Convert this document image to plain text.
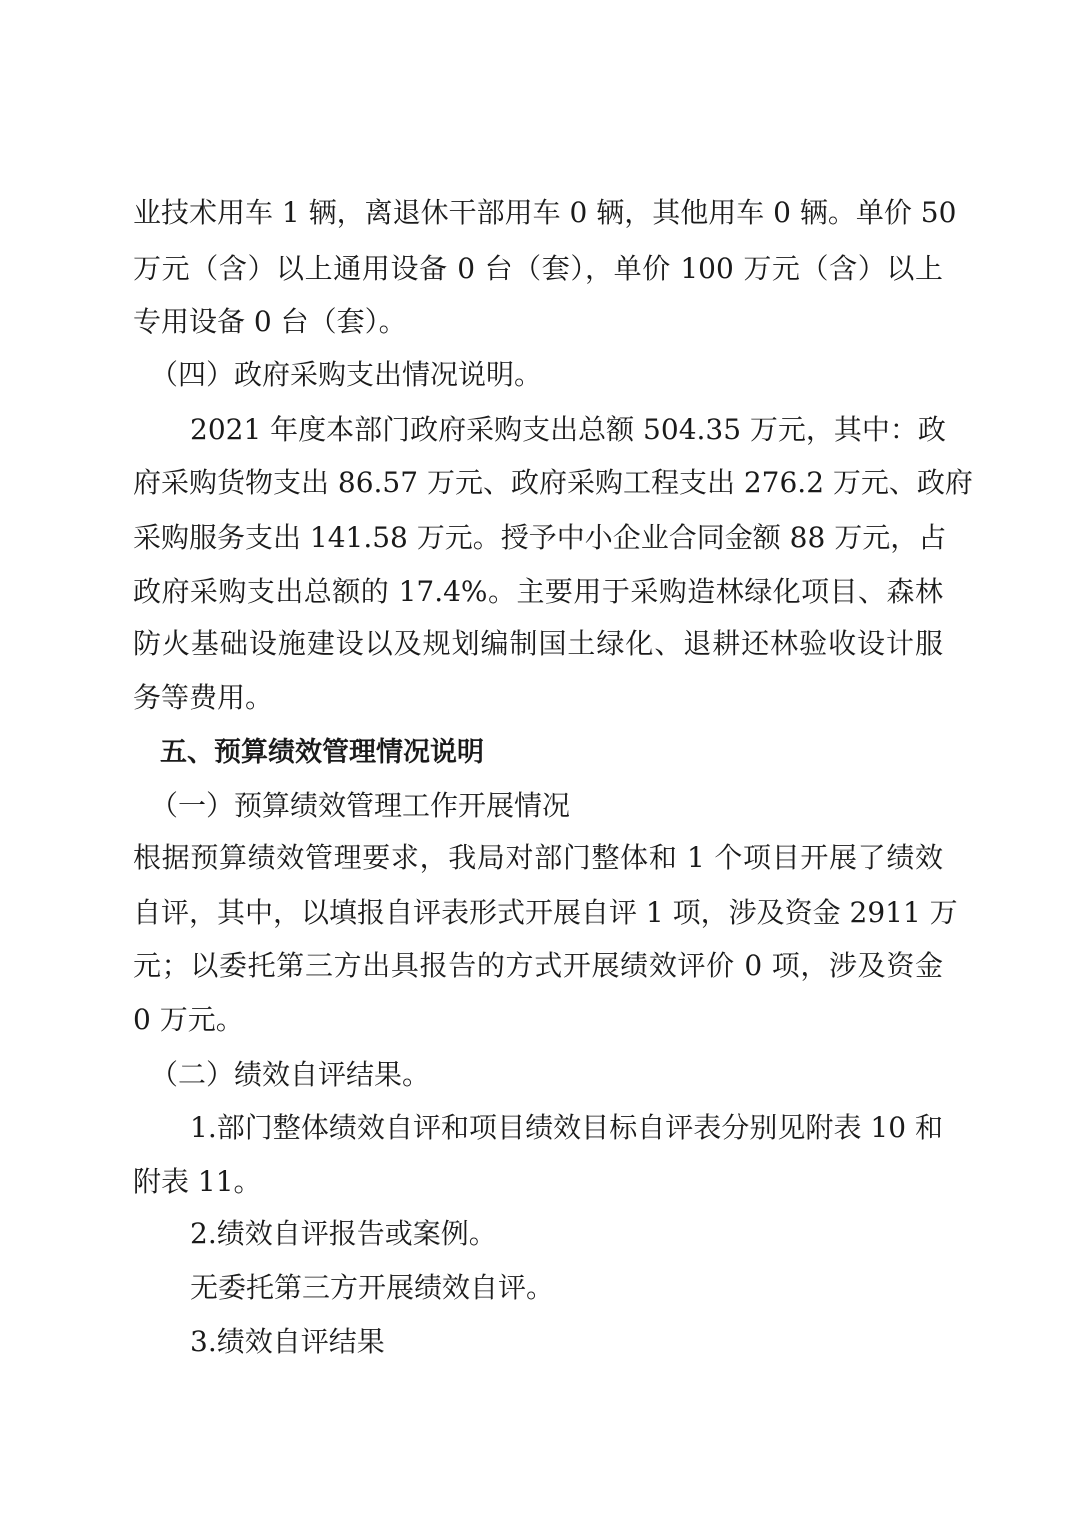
业技术用车 1 辆，离退休干部用车 0 辆，其他用车 0 辆。单价 50
万元（含）以上通用设备 0 台（套），单价 100 万元（含）以上
专用设备 0 台（套）。
（四）政府采购支出情况说明。
2021 年度本部门政府采购支出总额 504.35 万元，其中：政
府采购货物支出 86.57 万元、政府采购工程支出 276.2 万元、政府
采购服务支出 141.58 万元。授予中小企业合同金额 88 万元，占
政府采购支出总额的 17.4%。主要用于采购造林绿化项目、森林
防火基础设施建设以及规划编制国土绿化、退耕还林验收设计服
务等费用。
五、预算绩效管理情况说明
（一）预算绩效管理工作开展情况
根据预算绩效管理要求，我局对部门整体和 1 个项目开展了绩效
自评，其中，以填报自评表形式开展自评 1 项，涉及资金 2911 万
元；以委托第三方出具报告的方式开展绩效评价 0 项，涉及资金
0 万元。
（二）绩效自评结果。
1.部门整体绩效自评和项目绩效目标自评表分别见附表 10 和
附表 11。
2.绩效自评报告或案例。
无委托第三方开展绩效自评。
3.绩效自评结果
